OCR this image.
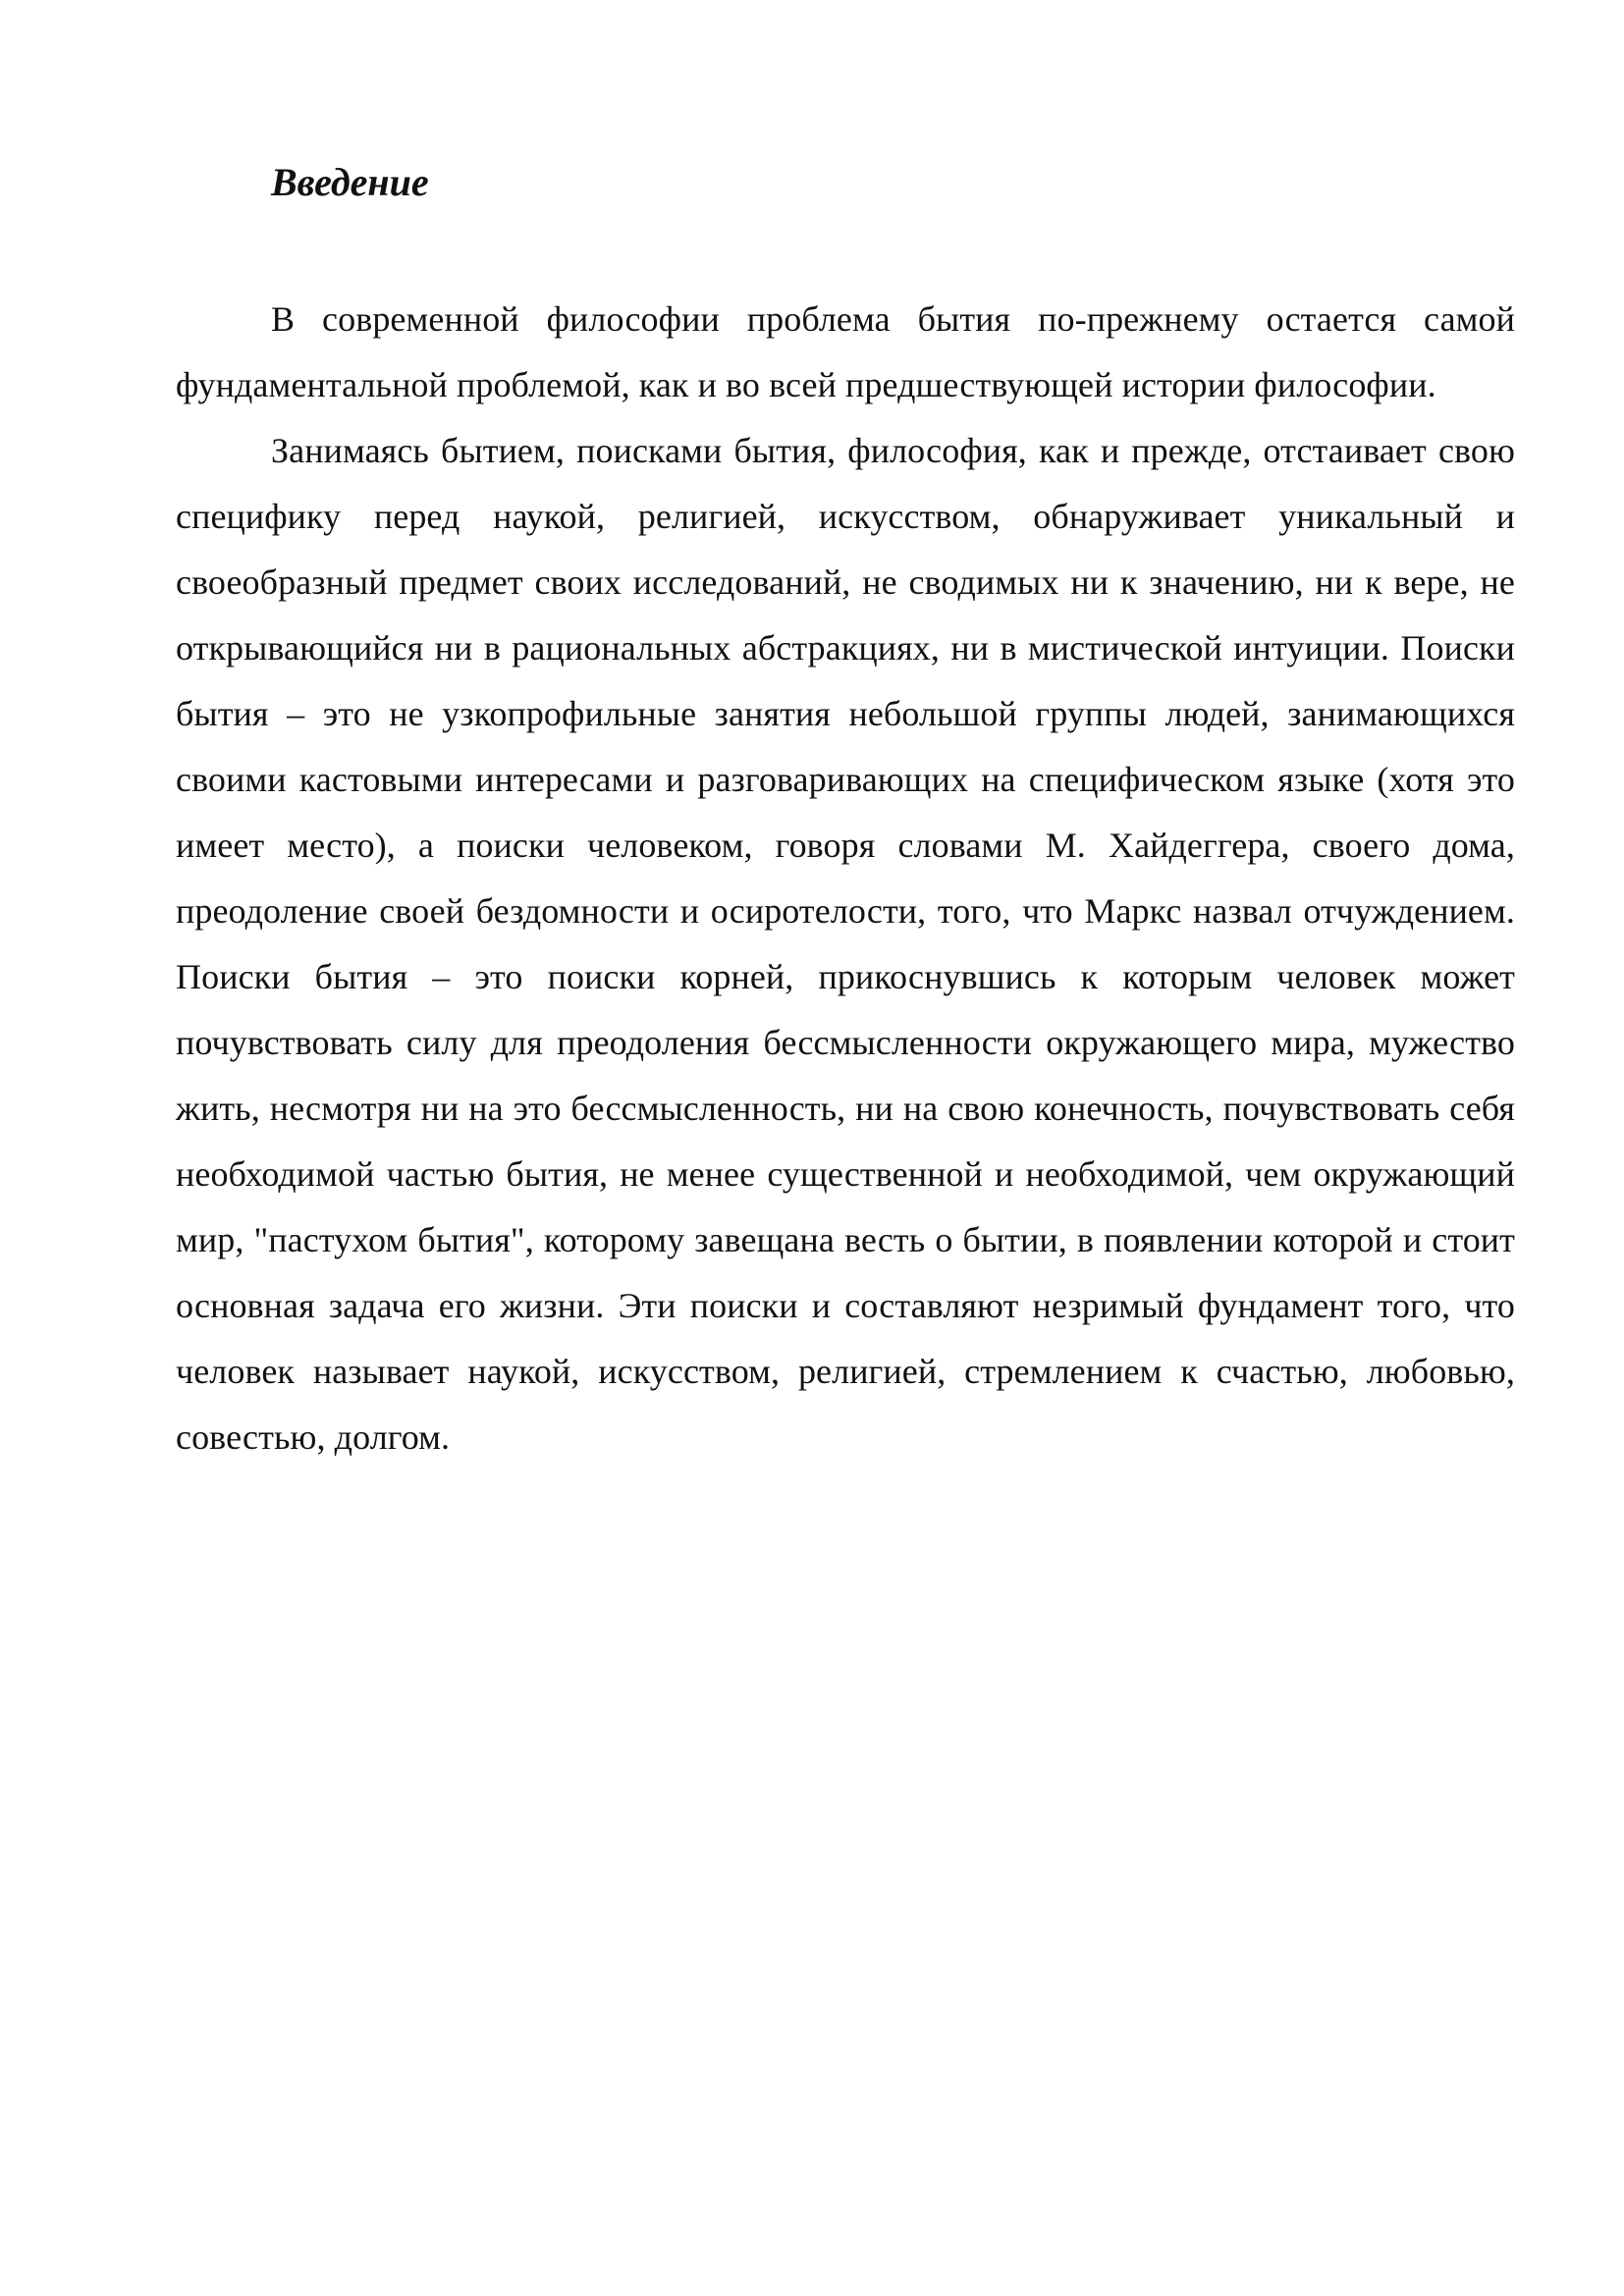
Введение

В современной философии проблема бытия по-прежнему остается самой фундаментальной проблемой, как и во всей предшествующей истории философии.

Занимаясь бытием, поисками бытия, философия, как и прежде, отстаивает свою специфику перед наукой, религией, искусством, обнаруживает уникальный и своеобразный предмет своих исследований, не сводимых ни к значению, ни к вере, не открывающийся ни в рациональных абстракциях, ни в мистической интуиции. Поиски бытия – это не узкопрофильные занятия небольшой группы людей, занимающихся своими кастовыми интересами и разговаривающих на специфическом языке (хотя это имеет место), а поиски человеком, говоря словами М. Хайдеггера, своего дома, преодоление своей бездомности и осиротелости, того, что Маркс назвал отчуждением. Поиски бытия – это поиски корней, прикоснувшись к которым человек может почувствовать силу для преодоления бессмысленности окружающего мира, мужество жить, несмотря ни на это бессмысленность, ни на свою конечность, почувствовать себя необходимой частью бытия, не менее существенной и необходимой, чем окружающий мир, "пастухом бытия", которому завещана весть о бытии, в появлении которой и стоит основная задача его жизни. Эти поиски и составляют незримый фундамент того, что человек называет наукой, искусством, религией, стремлением к счастью, любовью, совестью, долгом.
